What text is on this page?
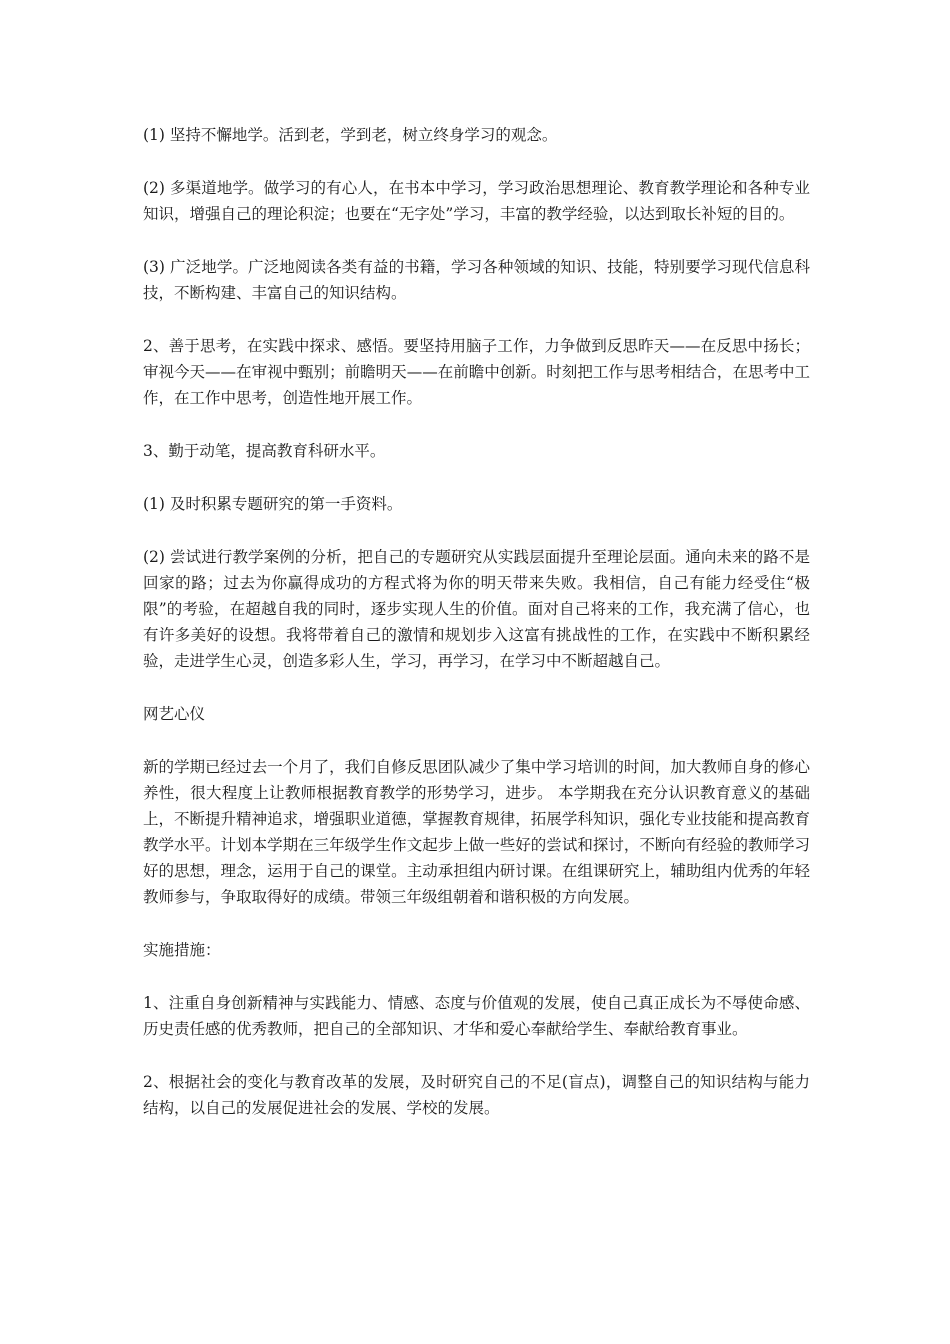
(1) 坚持不懈地学。活到老，学到老，树立终身学习的观念。

(2) 多渠道地学。做学习的有心人，在书本中学习，学习政治思想理论、教育教学理论和各种专业知识，增强自己的理论积淀；也要在“无字处”学习，丰富的教学经验，以达到取长补短的目的。

(3) 广泛地学。广泛地阅读各类有益的书籍，学习各种领域的知识、技能，特别要学习现代信息科技，不断构建、丰富自己的知识结构。

2、善于思考，在实践中探求、感悟。要坚持用脑子工作，力争做到反思昨天——在反思中扬长；审视今天——在审视中甄别；前瞻明天——在前瞻中创新。时刻把工作与思考相结合，在思考中工作，在工作中思考，创造性地开展工作。

3、勤于动笔，提高教育科研水平。

(1) 及时积累专题研究的第一手资料。

(2) 尝试进行教学案例的分析，把自己的专题研究从实践层面提升至理论层面。通向未来的路不是回家的路；过去为你赢得成功的方程式将为你的明天带来失败。我相信，自己有能力经受住“极限”的考验，在超越自我的同时，逐步实现人生的价值。面对自己将来的工作，我充满了信心，也有许多美好的设想。我将带着自己的激情和规划步入这富有挑战性的工作，在实践中不断积累经验，走进学生心灵，创造多彩人生，学习，再学习，在学习中不断超越自己。

网艺心仪

新的学期已经过去一个月了，我们自修反思团队减少了集中学习培训的时间，加大教师自身的修心养性，很大程度上让教师根据教育教学的形势学习，进步。 本学期我在充分认识教育意义的基础上，不断提升精神追求，增强职业道德，掌握教育规律，拓展学科知识，强化专业技能和提高教育教学水平。计划本学期在三年级学生作文起步上做一些好的尝试和探讨，不断向有经验的教师学习好的思想，理念，运用于自己的课堂。主动承担组内研讨课。在组课研究上，辅助组内优秀的年轻教师参与，争取取得好的成绩。带领三年级组朝着和谐积极的方向发展。

实施措施：

1、注重自身创新精神与实践能力、情感、态度与价值观的发展，使自己真正成长为不辱使命感、历史责任感的优秀教师，把自己的全部知识、才华和爱心奉献给学生、奉献给教育事业。

2、根据社会的变化与教育改革的发展，及时研究自己的不足(盲点)，调整自己的知识结构与能力结构，以自己的发展促进社会的发展、学校的发展。
